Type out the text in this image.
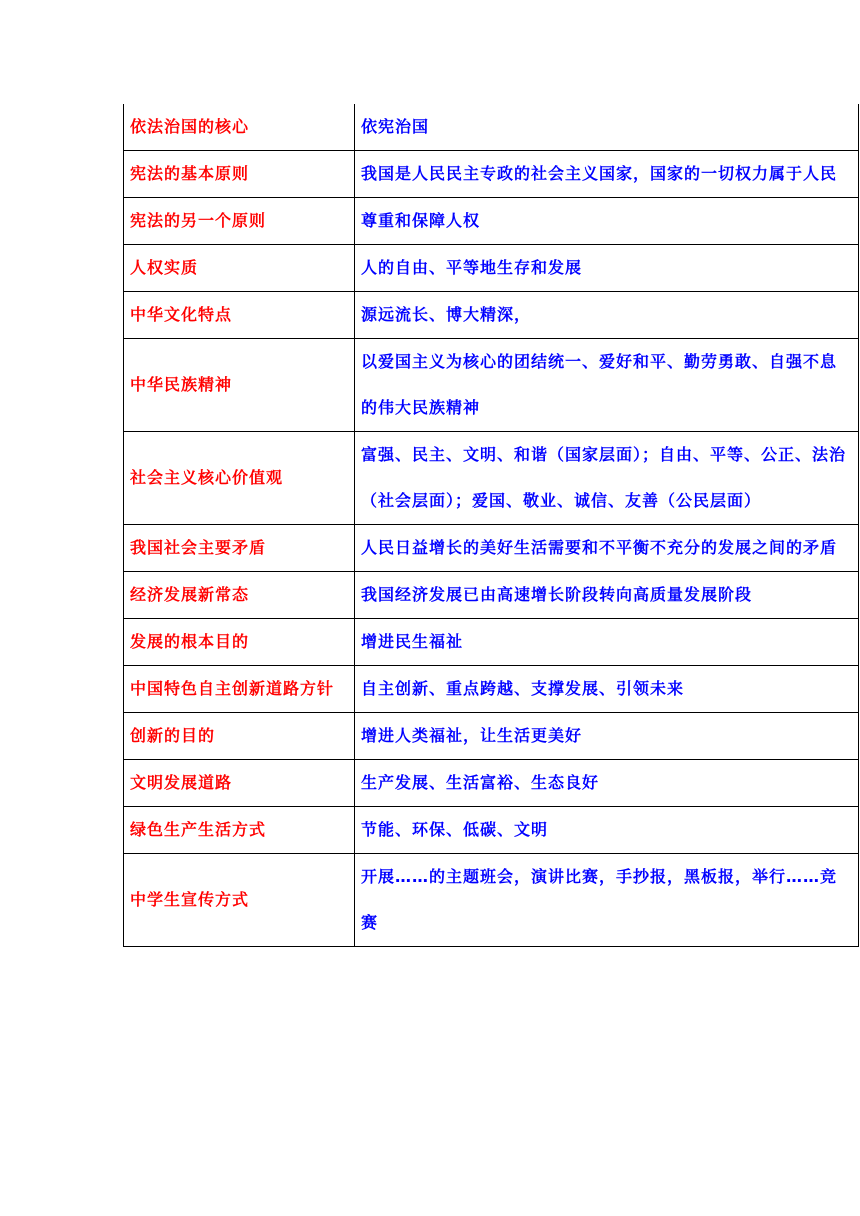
依法治国的核心	依宪治国
宪法的基本原则	我国是人民民主专政的社会主义国家，国家的一切权力属于人民
宪法的另一个原则	尊重和保障人权
人权实质	人的自由、平等地生存和发展
中华文化特点	源远流长、博大精深，
中华民族精神	以爱国主义为核心的团结统一、爱好和平、勤劳勇敢、自强不息的伟大民族精神
社会主义核心价值观	富强、民主、文明、和谐（国家层面）；自由、平等、公正、法治（社会层面）；爱国、敬业、诚信、友善（公民层面）
我国社会主要矛盾	人民日益增长的美好生活需要和不平衡不充分的发展之间的矛盾
经济发展新常态	我国经济发展已由高速增长阶段转向高质量发展阶段
发展的根本目的	增进民生福祉
中国特色自主创新道路方针	自主创新、重点跨越、支撑发展、引领未来
创新的目的	增进人类福祉，让生活更美好
文明发展道路	生产发展、生活富裕、生态良好
绿色生产生活方式	节能、环保、低碳、文明
中学生宣传方式	开展……的主题班会，演讲比赛，手抄报，黑板报，举行……竞赛
